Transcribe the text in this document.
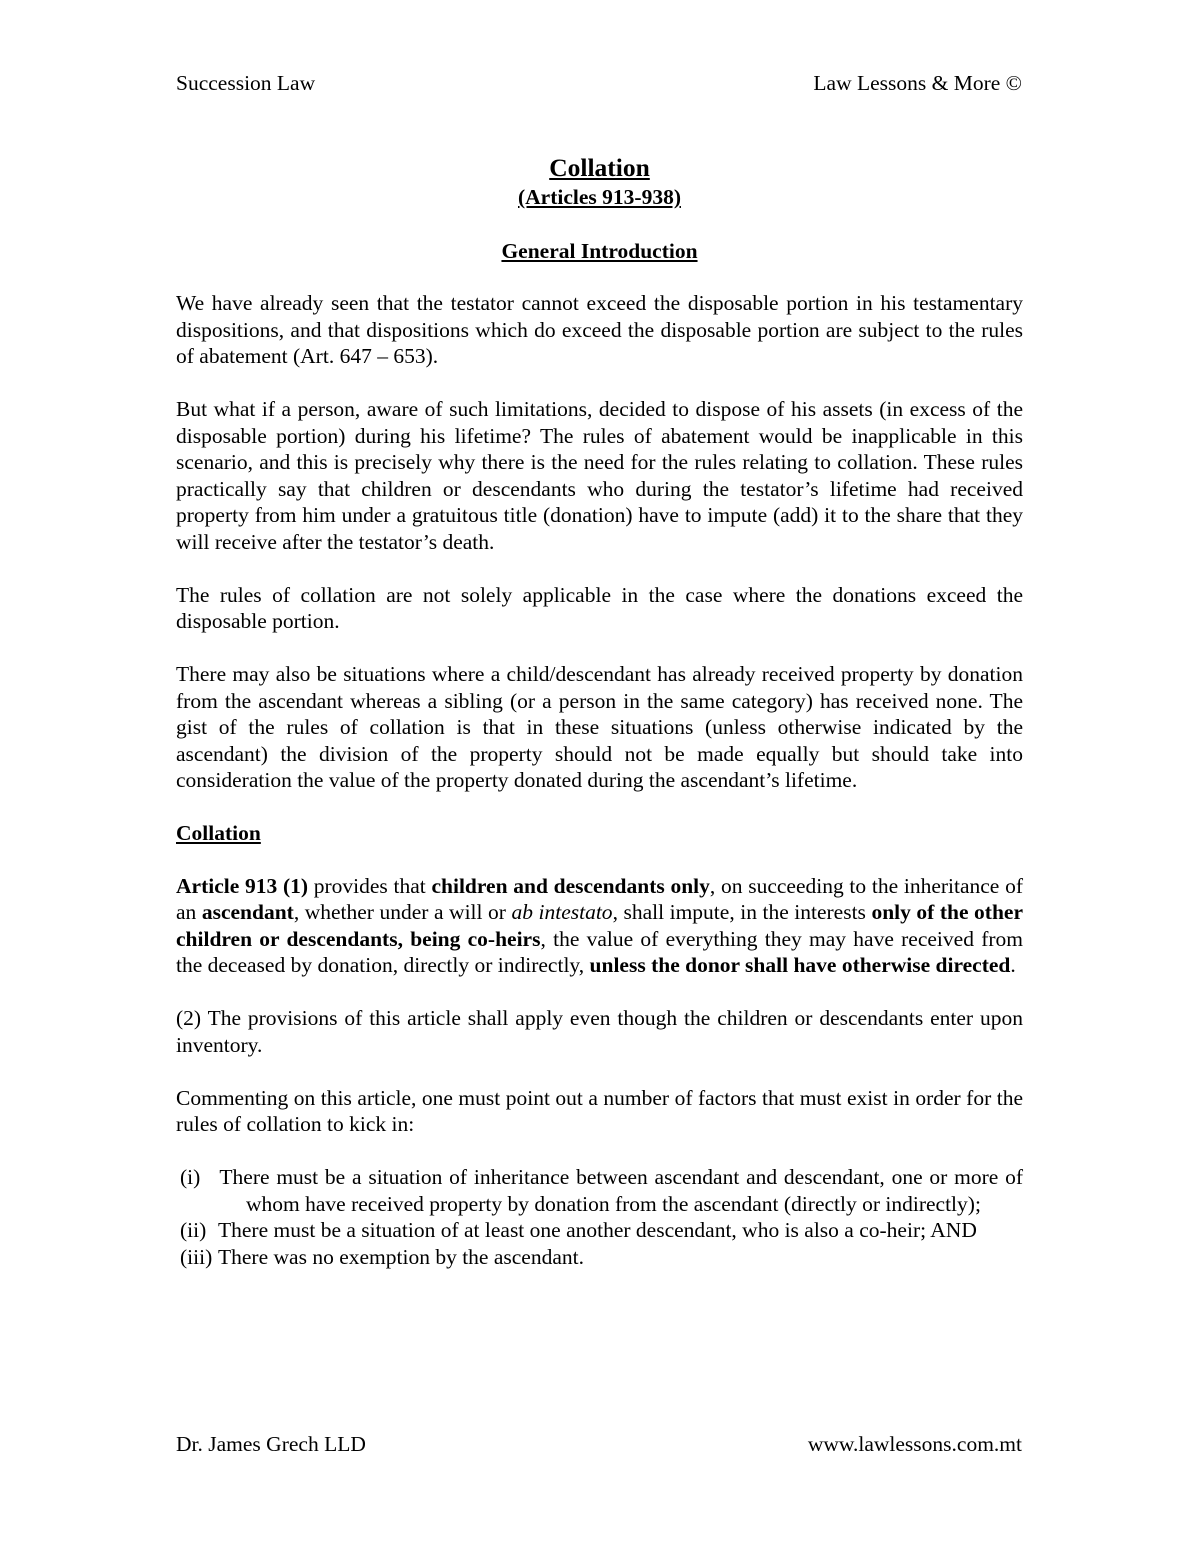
Succession Law	Law Lessons & More ©
Collation
(Articles 913-938)
General Introduction

We have already seen that the testator cannot exceed the disposable portion in his testamentary dispositions, and that dispositions which do exceed the disposable portion are subject to the rules of abatement (Art. 647 – 653).

But what if a person, aware of such limitations, decided to dispose of his assets (in excess of the disposable portion) during his lifetime? The rules of abatement would be inapplicable in this scenario, and this is precisely why there is the need for the rules relating to collation. These rules practically say that children or descendants who during the testator’s lifetime had received property from him under a gratuitous title (donation) have to impute (add) it to the share that they will receive after the testator’s death.

The rules of collation are not solely applicable in the case where the donations exceed the disposable portion.

There may also be situations where a child/descendant has already received property by donation from the ascendant whereas a sibling (or a person in the same category) has received none. The gist of the rules of collation is that in these situations (unless otherwise indicated by the ascendant) the division of the property should not be made equally but should take into consideration the value of the property donated during the ascendant’s lifetime.

Collation

Article 913 (1) provides that children and descendants only, on succeeding to the inheritance of an ascendant, whether under a will or ab intestato, shall impute, in the interests only of the other children or descendants, being co-heirs, the value of everything they may have received from the deceased by donation, directly or indirectly, unless the donor shall have otherwise directed.

(2) The provisions of this article shall apply even though the children or descendants enter upon inventory.

Commenting on this article, one must point out a number of factors that must exist in order for the rules of collation to kick in:

(i) There must be a situation of inheritance between ascendant and descendant, one or more of whom have received property by donation from the ascendant (directly or indirectly);
(ii) There must be a situation of at least one another descendant, who is also a co-heir; AND
(iii) There was no exemption by the ascendant.
Dr. James Grech LLD	www.lawlessons.com.mt
